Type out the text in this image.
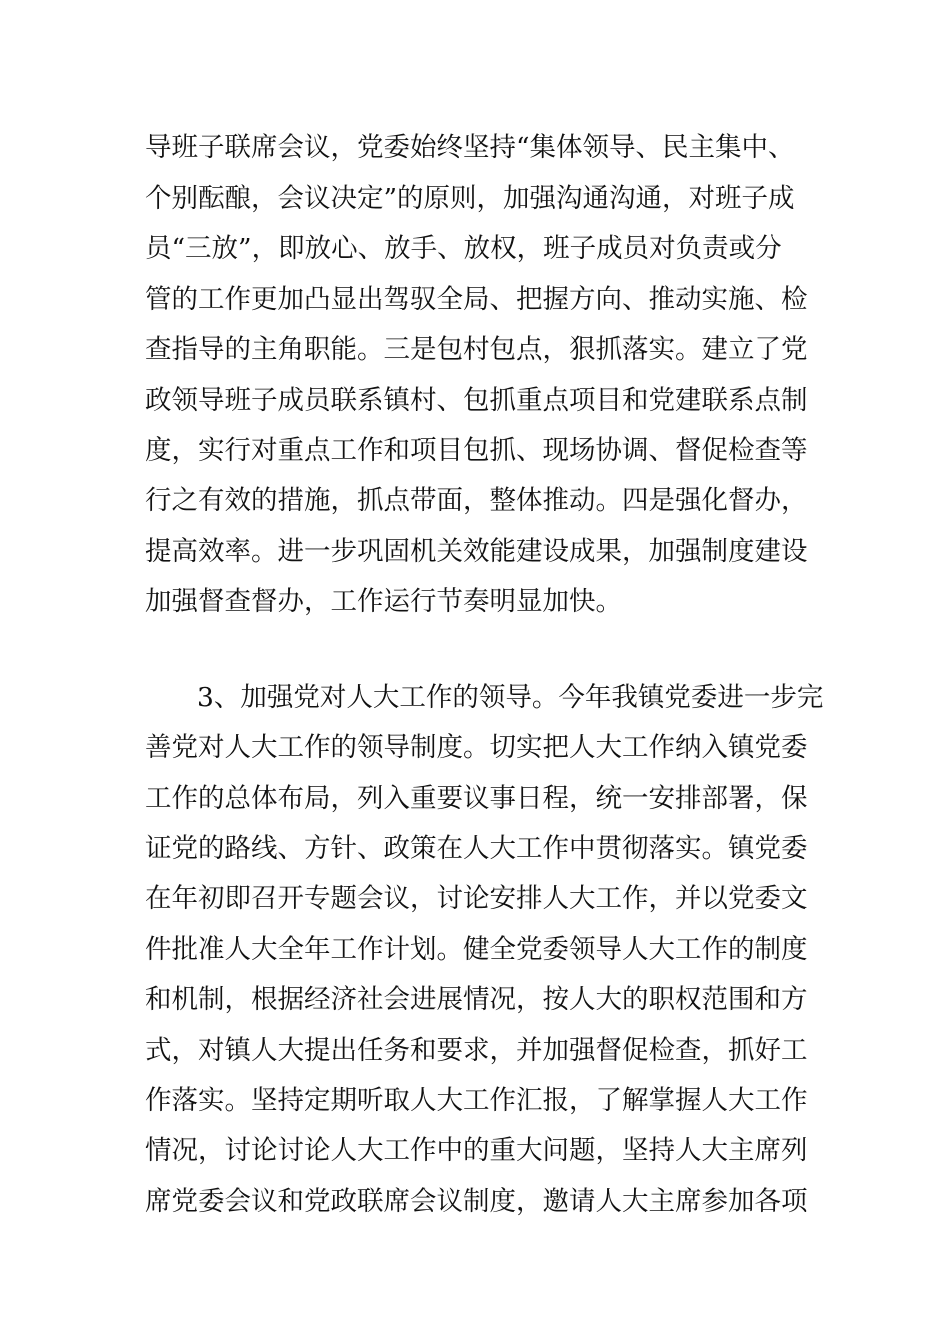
导班子联席会议，党委始终坚持“集体领导、民主集中、
个别酝酿，会议决定”的原则，加强沟通沟通，对班子成
员“三放”，即放心、放手、放权，班子成员对负责或分
管的工作更加凸显出驾驭全局、把握方向、推动实施、检
查指导的主角职能。三是包村包点，狠抓落实。建立了党
政领导班子成员联系镇村、包抓重点项目和党建联系点制
度，实行对重点工作和项目包抓、现场协调、督促检查等
行之有效的措施，抓点带面，整体推动。四是强化督办，
提高效率。进一步巩固机关效能建设成果，加强制度建设
加强督查督办，工作运行节奏明显加快。
3、加强党对人大工作的领导。今年我镇党委进一步完
善党对人大工作的领导制度。切实把人大工作纳入镇党委
工作的总体布局，列入重要议事日程，统一安排部署，保
证党的路线、方针、政策在人大工作中贯彻落实。镇党委
在年初即召开专题会议，讨论安排人大工作，并以党委文
件批准人大全年工作计划。健全党委领导人大工作的制度
和机制，根据经济社会进展情况，按人大的职权范围和方
式，对镇人大提出任务和要求，并加强督促检查，抓好工
作落实。坚持定期听取人大工作汇报，了解掌握人大工作
情况，讨论讨论人大工作中的重大问题，坚持人大主席列
席党委会议和党政联席会议制度，邀请人大主席参加各项
